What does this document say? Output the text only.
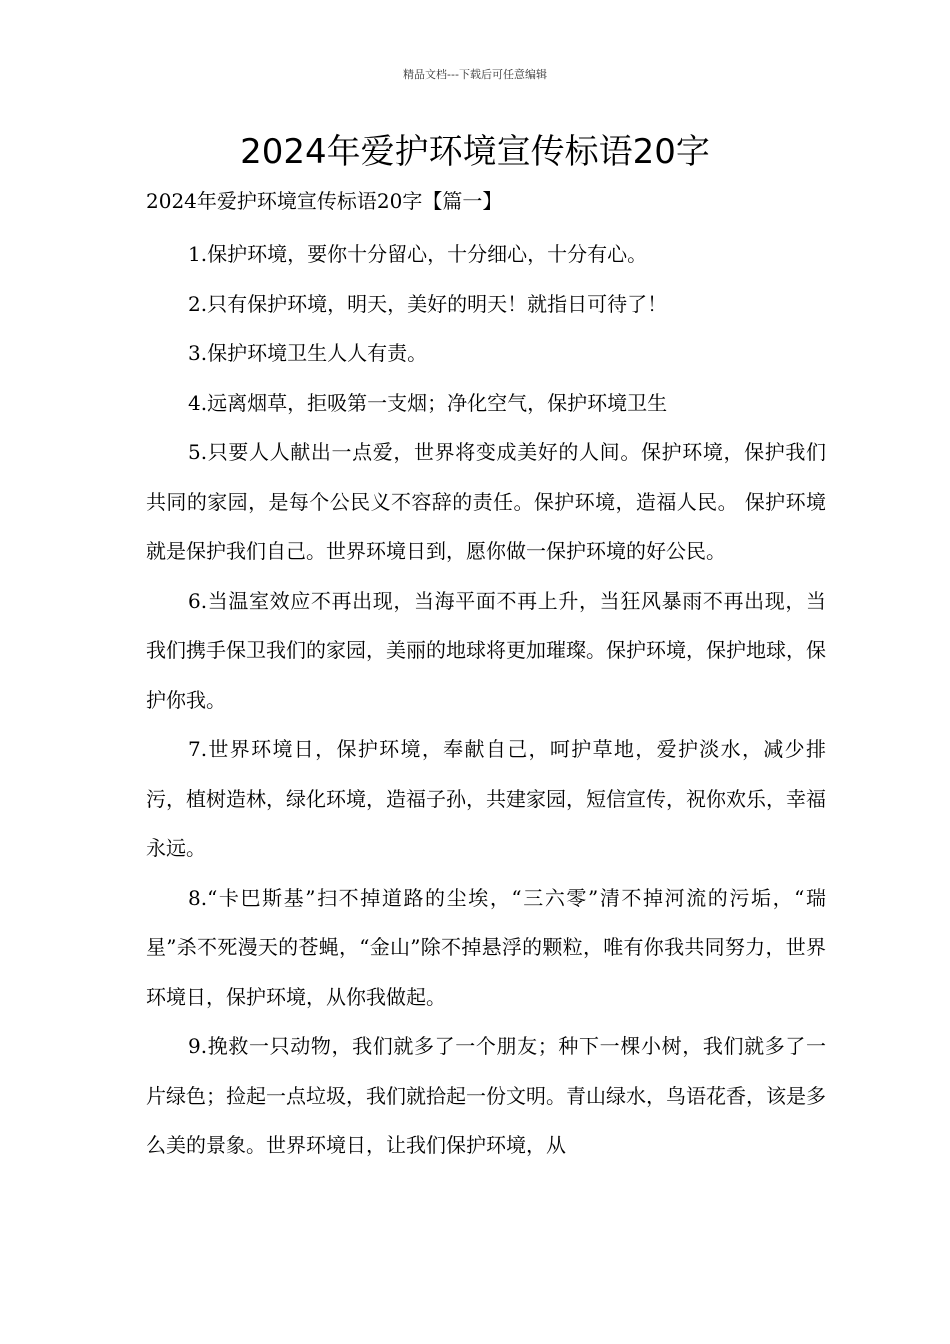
精品文档---下载后可任意编辑
2024年爱护环境宣传标语20字
2024年爱护环境宣传标语20字【篇一】

1.保护环境，要你十分留心，十分细心，十分有心。

2.只有保护环境，明天，美好的明天！就指日可待了！

3.保护环境卫生人人有责。

4.远离烟草，拒吸第一支烟；净化空气，保护环境卫生

5.只要人人献出一点爱，世界将变成美好的人间。保护环境，保护我们共同的家园，是每个公民义不容辞的责任。保护环境，造福人民。 保护环境就是保护我们自己。世界环境日到，愿你做一保护环境的好公民。

6.当温室效应不再出现，当海平面不再上升，当狂风暴雨不再出现，当我们携手保卫我们的家园，美丽的地球将更加璀璨。保护环境，保护地球，保护你我。

7.世界环境日，保护环境，奉献自己，呵护草地，爱护淡水，减少排污，植树造林，绿化环境，造福子孙，共建家园，短信宣传，祝你欢乐，幸福永远。

8.“卡巴斯基”扫不掉道路的尘埃，“三六零”清不掉河流的污垢，“瑞星”杀不死漫天的苍蝇，“金山”除不掉悬浮的颗粒，唯有你我共同努力，世界环境日，保护环境，从你我做起。

9.挽救一只动物，我们就多了一个朋友；种下一棵小树，我们就多了一片绿色；捡起一点垃圾，我们就拾起一份文明。青山绿水，鸟语花香，该是多么美的景象。世界环境日，让我们保护环境，从
